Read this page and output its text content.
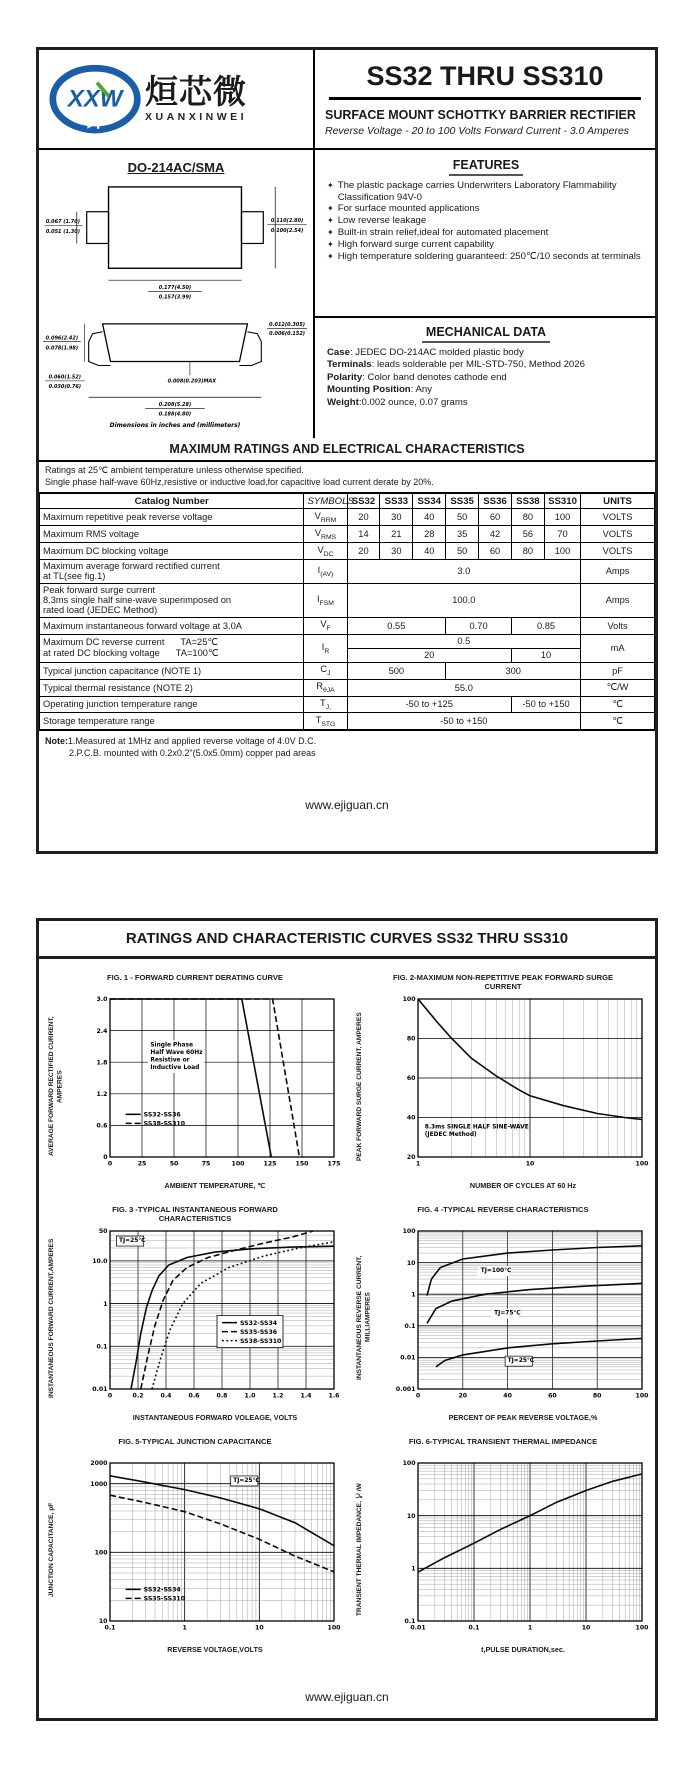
XXW 烜芯微
XUANXINWEI
SS32 THRU SS310
SURFACE MOUNT SCHOTTKY BARRIER RECTIFIER
Reverse Voltage - 20 to 100 Volts Forward Current - 3.0 Amperes
DO-214AC/SMA
0.067 (1.70)
0.051 (1.30)
0.110(2.80)
0.100(2.54)
0.177(4.50)
0.157(3.99)
0.096(2.42)
0.078(1.98)
0.012(0.305)
0.006(0.152)
0.060(1.52)
0.030(0.76)
0.008(0.203)MAX
0.208(5.28)
0.188(4.80)
Dimensions in inches and (millimeters)
FEATURES
✦ The plastic package carries Underwriters Laboratory Flammability Classification 94V-0
✦ For surface mounted applications
✦ Low reverse leakage
✦ Built-in strain relief,ideal for automated placement
✦ High forward surge current capability
✦ High temperature soldering guaranteed: 250℃/10 seconds at terminals
MECHANICAL DATA
Case: JEDEC DO-214AC molded plastic body
Terminals: leads solderable per MIL-STD-750, Method 2026
Polarity: Color band denotes cathode end
Mounting Position: Any
Weight:0.002 ounce, 0.07 grams
MAXIMUM RATINGS AND ELECTRICAL CHARACTERISTICS
Ratings at 25℃ ambient temperature unless otherwise specified.
Single phase half-wave 60Hz,resistive or inductive load,for capacitive load current derate by 20%.
Catalog Number	SYMBOLS	SS32	SS33	SS34	SS35	SS36	SS38	SS310	UNITS
Maximum repetitive peak reverse voltage	$V_{RRM}$	20	30	40	50	60	80	100	VOLTS
Maximum RMS voltage	$V_{RMS}$	14	21	28	35	42	56	70	VOLTS
Maximum DC blocking voltage	$V_{DC}$	20	30	40	50	60	80	100	VOLTS

Maximum average forward rectified current
at TL(see fig.1)	$I_{(AV)}$	3.0							Amps

Peak forward surge current
8.3ms single half sine-wave superimposed on
rated load (JEDEC Method)	$I_{FSM}$	100.0							Amps
Maximum instantaneous forward voltage at 3.0A	$V_F$	0.55			0.70		0.85		Volts

Maximum DC reverse current TA=25℃
at rated DC blocking voltage TA=100℃	$I_R$	0.5							mA
		20					10		
Typical junction capacitance (NOTE 1)	$C_J$	500			300				pF
Typical thermal resistance (NOTE 2)	$R_{\theta JA}$	55.0							℃/W
Operating junction temperature range	$T_{J,}$	-50 to +125					-50 to +150		℃
Storage temperature range	$T_{STG}$	-50 to +150							℃
Note:1.Measured at 1MHz and applied reverse voltage of 4.0V D.C.
2.P.C.B. mounted with 0.2x0.2"(5.0x5.0mm) copper pad areas
www.ejiguan.cn
RATINGS AND CHARACTERISTIC CURVES SS32 THRU SS310
FIG. 1 - FORWARD CURRENT DERATING CURVE
AVERAGE FORWARD RECTIFIED CURRENT, AMPERES
0	25	50	75	100	125	150	175
0
0.6
1.2
1.8
2.4
3.0
SS32-SS36
SS38-SS310
Single Phase
Half Wave 60Hz
Resistive or
Inductive Load
AMBIENT TEMPERATURE, ℃
FIG. 2-MAXIMUM NON-REPETITIVE PEAK FORWARD SURGE CURRENT
PEAK FORWARD SURGE CURRENT, AMPERES
1	10	100
20
40
60
80
100
8.3ms SINGLE HALF SINE-WAVE
(JEDEC Method)
NUMBER OF CYCLES AT 60 Hz
FIG. 3 -TYPICAL INSTANTANEOUS FORWARD CHARACTERISTICS
INSTANTANEOUS FORWARD CURRENT,AMPERES	0	0.2	0.4	0.6	0.8	1.0	1.2	1.4	1.6
0.01
0.1
1
10.0
50
SS32-SS34
SS35-SS36
SS38-SS310
TJ=25℃
INSTANTANEOUS FORWARD VOLEAGE, VOLTS
FIG. 4 -TYPICAL REVERSE CHARACTERISTICS
INSTANTANEOUS REVERSE CURRENT, MILLIAMPERES
0	20	40	60	80	100
0.001
0.01
0.1
1
10
100
TJ=100℃
TJ=75℃
TJ=25℃
PERCENT OF PEAK REVERSE VOLTAGE,%
FIG. 5-TYPICAL JUNCTION CAPACITANCE
JUNCTION CAPACITANCE, pF
0.1	1	10	100
10
100
1000
2000
SS32-SS34
SS35-SS310
TJ=25℃
REVERSE VOLTAGE,VOLTS
FIG. 6-TYPICAL TRANSIENT THERMAL IMPEDANCE
TRANSIENT THERMAL IMPEDANCE, ℃/W
0.01	0.1	1	10	100
0.1
1
10
100
t,PULSE DURATION,sec.
www.ejiguan.cn
